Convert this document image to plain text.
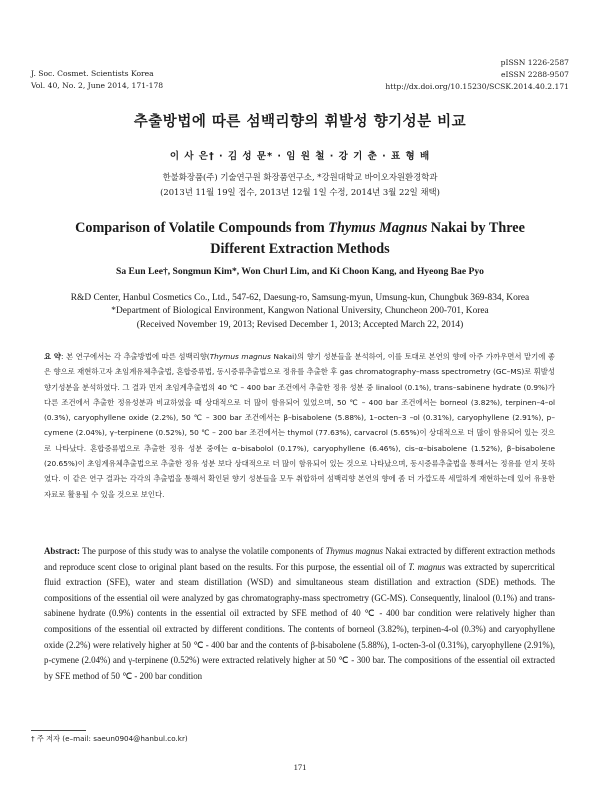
J. Soc. Cosmet. Scientists Korea
Vol. 40, No. 2, June 2014, 171-178
pISSN 1226-2587
eISSN 2288-9507
http://dx.doi.org/10.15230/SCSK.2014.40.2.171
추출방법에 따른 섬백리향의 휘발성 향기성분 비교
이 사 은† · 김 성 문* · 임 원 철 · 강 기 춘 · 표 형 배
한불화장품(주) 기술연구원 화장품연구소, *강원대학교 바이오자원환경학과
(2013년 11월 19일 접수, 2013년 12월 1일 수정, 2014년 3월 22일 채택)
Comparison of Volatile Compounds from Thymus Magnus Nakai by Three Different Extraction Methods
Sa Eun Lee†, Songmun Kim*, Won Churl Lim, and Ki Choon Kang, and Hyeong Bae Pyo
R&D Center, Hanbul Cosmetics Co., Ltd., 547-62, Daesung-ro, Samsung-myun, Umsung-kun, Chungbuk 369-834, Korea
*Department of Biological Environment, Kangwon National University, Chuncheon 200-701, Korea
(Received November 19, 2013; Revised December 1, 2013; Accepted March 22, 2014)
요 약: 본 연구에서는 각 추출방법에 따른 섬백리향(Thymus magnus Nakai)의 향기 성분들을 분석하여, 이를 토대로 본연의 향에 아주 가까우면서 맡기에 좋은 향으로 재현하고자 초임계유체추출법, 혼합증류법, 동시증류추출법으로 정유를 추출한 후 gas chromatography–mass spectrometry (GC–MS)로 휘발성 향기성분을 분석하였다. 그 결과 먼저 초임계추출법의 40 ℃ – 400 bar 조건에서 추출한 정유 성분 중 linalool (0.1%), trans–sabinene hydrate (0.9%)가 다른 조건에서 추출한 정유성분과 비교하였을 때 상대적으로 더 많이 함유되어 있었으며, 50 ℃ – 400 bar 조건에서는 borneol (3.82%), terpinen–4–ol (0.3%), caryophyllene oxide (2.2%), 50 ℃ – 300 bar 조건에서는 β–bisabolene (5.88%), 1–octen–3 –ol (0.31%), caryophyllene (2.91%), p–cymene (2.04%), γ–terpinene (0.52%), 50 ℃ – 200 bar 조건에서는 thymol (77.63%), carvacrol (5.65%)이 상대적으로 더 많이 함유되어 있는 것으로 나타났다. 혼합증류법으로 추출한 정유 성분 중에는 α–bisabolol (0.17%), caryophyllene (6.46%), cis–α–bisabolene (1.52%), β–bisabolene (20.65%)이 초임계유체추출법으로 추출한 정유 성분 보다 상대적으로 더 많이 함유되어 있는 것으로 나타났으며, 동시증류추출법을 통해서는 정유를 얻지 못하였다. 이 같은 연구 결과는 각각의 추출법을 통해서 확인된 향기 성분들을 모두 취합하여 섬백리향 본연의 향에 좀 더 가깝도록 세밀하게 재현하는데 있어 유용한 자료로 활용될 수 있을 것으로 보인다.
Abstract: The purpose of this study was to analyse the volatile components of Thymus magnus Nakai extracted by different extraction methods and reproduce scent close to original plant based on the results. For this purpose, the essential oil of T. magnus was extracted by supercritical fluid extraction (SFE), water and steam distillation (WSD) and simultaneous steam distillation and extraction (SDE) methods. The compositions of the essential oil were analyzed by gas chromatography-mass spectrometry (GC-MS). Consequently, linalool (0.1%) and trans-sabinene hydrate (0.9%) contents in the essential oil extracted by SFE method of 40 ℃ - 400 bar condition were relatively higher than compositions of the essential oil extracted by different conditions. The contents of borneol (3.82%), terpinen-4-ol (0.3%) and caryophyllene oxide (2.2%) were relatively higher at 50 ℃ - 400 bar and the contents of β-bisabolene (5.88%), 1-octen-3-ol (0.31%), caryophyllene (2.91%), p-cymene (2.04%) and γ-terpinene (0.52%) were extracted relatively higher at 50 ℃ - 300 bar. The compositions of the essential oil extracted by SFE method of 50 ℃ - 200 bar condition
† 주 저자 (e–mail: saeun0904@hanbul.co.kr)
171
